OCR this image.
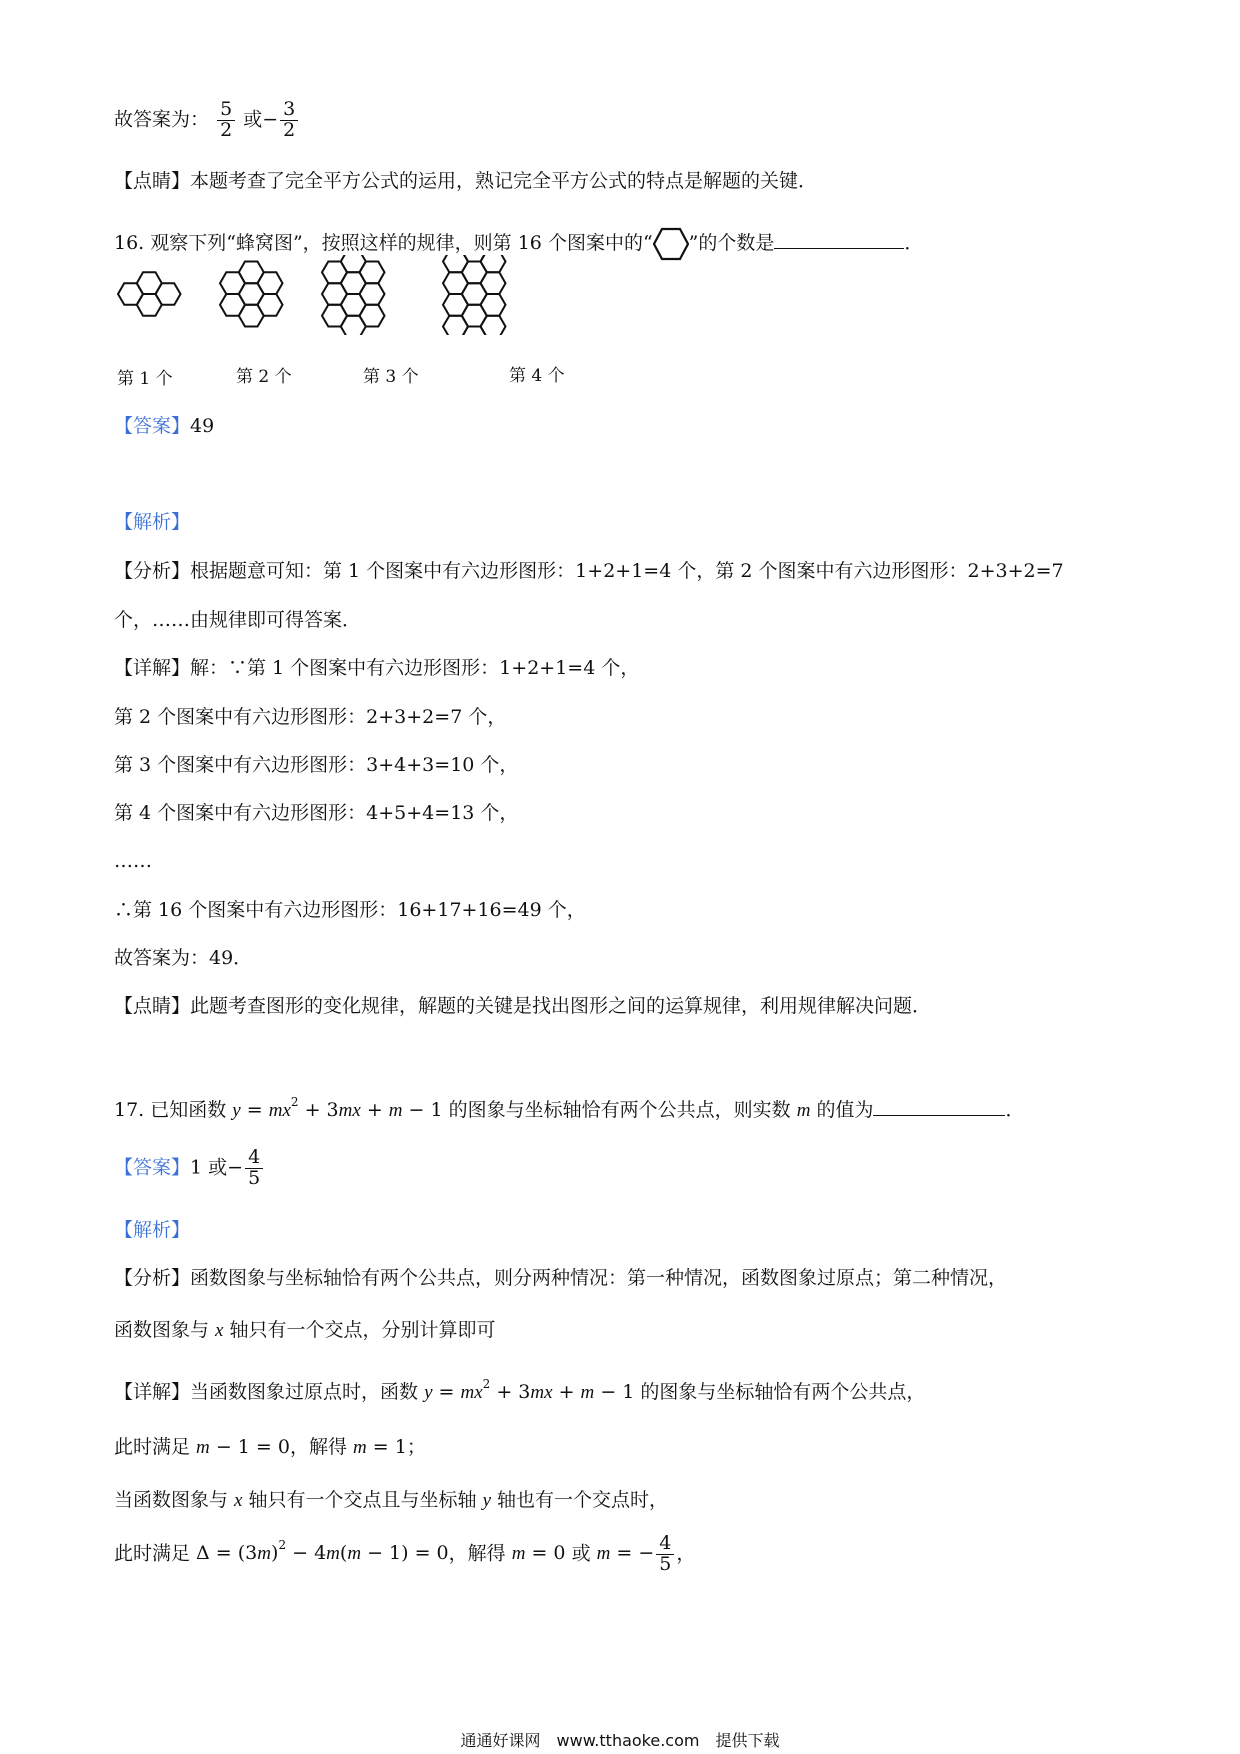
故答案为： $\frac{5}{2}$ 或− $\frac{3}{2}$
【点睛】本题考查了完全平方公式的运用，熟记完全平方公式的特点是解题的关键．
16. 观察下列“蜂窝图”，按照这样的规律，则第 16 个图案中的“ ”的个数是	．
第 1 个	第 2 个	第 3 个	第 4 个
【答案】49
【解析】
【分析】根据题意可知：第 1 个图案中有六边形图形：1+2+1=4 个，第 2 个图案中有六边形图形：2+3+2=7
个，……由规律即可得答案．
【详解】解：∵第 1 个图案中有六边形图形：1+2+1=4 个，
第 2 个图案中有六边形图形：2+3+2=7 个，
第 3 个图案中有六边形图形：3+4+3=10 个，
第 4 个图案中有六边形图形：4+5+4=13 个，
……
∴第 16 个图案中有六边形图形：16+17+16=49 个，
故答案为：49．
【点睛】此题考查图形的变化规律，解题的关键是找出图形之间的运算规律，利用规律解决问题．
17. 已知函数 $y = mx^2 + 3mx + m - 1$ 的图象与坐标轴恰有两个公共点，则实数 m 的值为	．
【答案】1 或− $\frac{4}{5}$
【解析】
【分析】函数图象与坐标轴恰有两个公共点，则分两种情况：第一种情况，函数图象过原点；第二种情况，
函数图象与 x 轴只有一个交点，分别计算即可
【详解】当函数图象过原点时，函数 $y = mx^2 + 3mx + m - 1$ 的图象与坐标轴恰有两个公共点，
此时满足 m − 1 = 0，解得 m = 1；
当函数图象与 x 轴只有一个交点且与坐标轴 y 轴也有一个交点时，
此时满足 $\Delta = (3m)^2 - 4m(m - 1) = 0$，解得 m = 0 或 m = − $\frac{4}{5}$ ，
通通好课网　www.tthaoke.com　提供下载
